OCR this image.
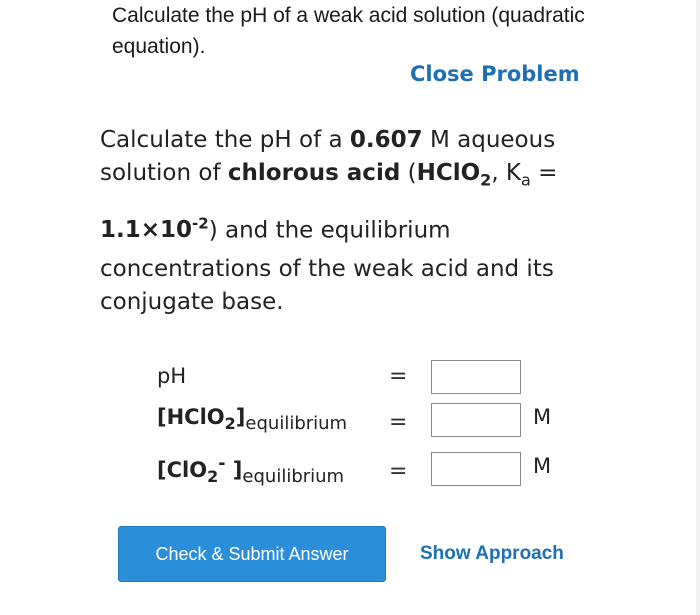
Calculate the pH of a weak acid solution (quadratic equation).
Close Problem
Calculate the pH of a 0.607 M aqueous
solution of chlorous acid (HClO$_2$, $K_a$ =
$1.1\times 10^{-2}$) and the equilibrium
concentrations of the weak acid and its
conjugate base.
pH	=
$[HClO_2]_{equilibrium}$ =	M
[ClO$_2$- ]$_{equilibrium}$ =	M
Check & Submit Answer	Show Approach
